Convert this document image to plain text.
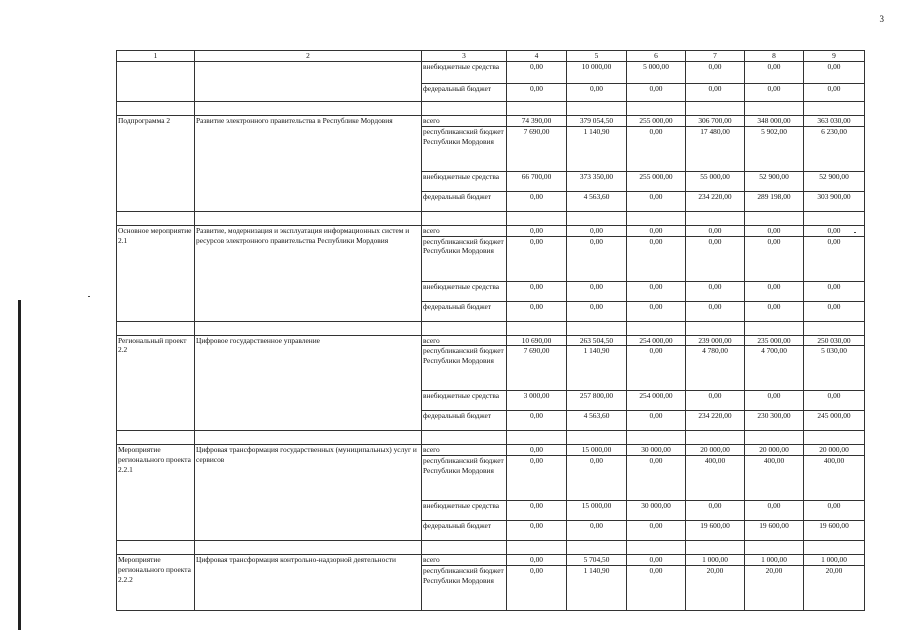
3
1	2	3	4	5	6	7	8	9
		внебюджетные средства	0,00	10 000,00	5 000,00	0,00	0,00	0,00
		федеральный бюджет	0,00	0,00	0,00	0,00	0,00	0,00

Подпрограмма 2	Развитие электронного правительства в Республике Мордовия	всего	74 390,00	379 054,50	255 000,00	306 700,00	348 000,00	363 030,00
		республиканский бюджет Республики Мордовия	7 690,00	1 140,90	0,00	17 480,00	5 902,00	6 230,00
		внебюджетные средства	66 700,00	373 350,00	255 000,00	55 000,00	52 900,00	52 900,00
		федеральный бюджет	0,00	4 563,60	0,00	234 220,00	289 198,00	303 900,00

Основное мероприятие 2.1	Развитие, модернизация и эксплуатация информационных систем и ресурсов электронного правительства Республики Мордовия	всего	0,00	0,00	0,00	0,00	0,00	0,00
		республиканский бюджет Республики Мордовия	0,00	0,00	0,00	0,00	0,00	0,00
		внебюджетные средства	0,00	0,00	0,00	0,00	0,00	0,00
		федеральный бюджет	0,00	0,00	0,00	0,00	0,00	0,00

Региональный проект 2.2	Цифровое государственное управление	всего	10 690,00	263 504,50	254 000,00	239 000,00	235 000,00	250 030,00
		республиканский бюджет Республики Мордовия	7 690,00	1 140,90	0,00	4 780,00	4 700,00	5 030,00
		внебюджетные средства	3 000,00	257 800,00	254 000,00	0,00	0,00	0,00
		федеральный бюджет	0,00	4 563,60	0,00	234 220,00	230 300,00	245 000,00

Мероприятие регионального проекта 2.2.1	Цифровая трансформация государственных (муниципальных) услуг и сервисов	всего	0,00	15 000,00	30 000,00	20 000,00	20 000,00	20 000,00
		республиканский бюджет Республики Мордовия	0,00	0,00	0,00	400,00	400,00	400,00
		внебюджетные средства	0,00	15 000,00	30 000,00	0,00	0,00	0,00
		федеральный бюджет	0,00	0,00	0,00	19 600,00	19 600,00	19 600,00

Мероприятие регионального проекта 2.2.2	Цифровая трансформация контрольно-надзорной деятельности	всего	0,00	5 704,50	0,00	1 000,00	1 000,00	1 000,00
		республиканский бюджет Республики Мордовия	0,00	1 140,90	0,00	20,00	20,00	20,00
